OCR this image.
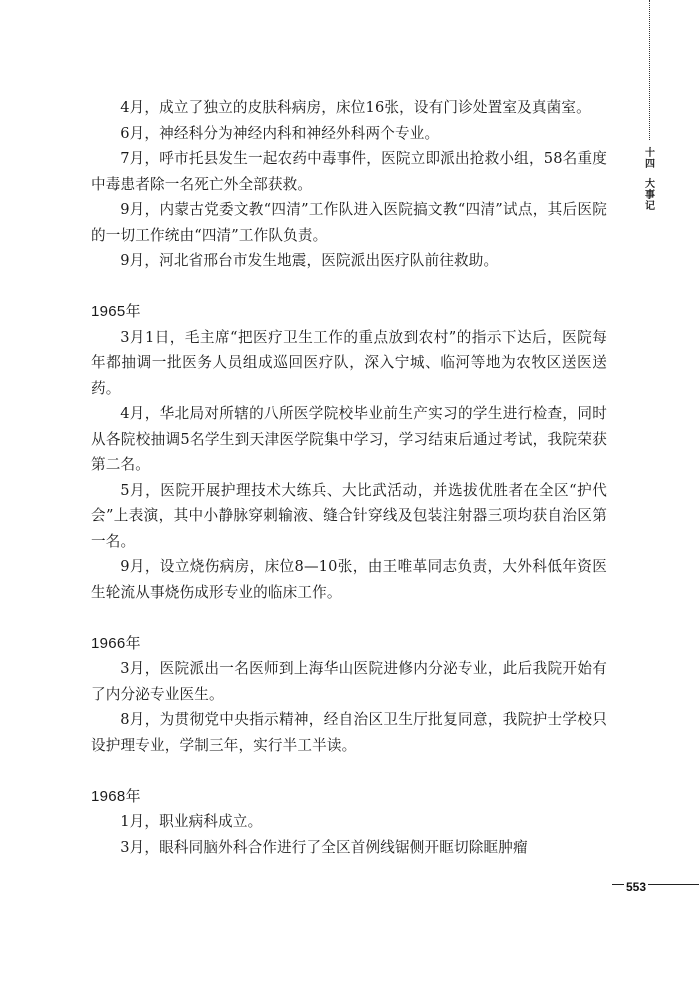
十四
大事记

4月，成立了独立的皮肤科病房，床位16张，设有门诊处置室及真菌室。

6月，神经科分为神经内科和神经外科两个专业。

7月，呼市托县发生一起农药中毒事件，医院立即派出抢救小组，58名重度中毒患者除一名死亡外全部获救。

9月，内蒙古党委文教“四清”工作队进入医院搞文教“四清”试点，其后医院的一切工作统由“四清”工作队负责。

9月，河北省邢台市发生地震，医院派出医疗队前往救助。

1965年

3月1日，毛主席“把医疗卫生工作的重点放到农村”的指示下达后，医院每年都抽调一批医务人员组成巡回医疗队，深入宁城、临河等地为农牧区送医送药。

4月，华北局对所辖的八所医学院校毕业前生产实习的学生进行检查，同时从各院校抽调5名学生到天津医学院集中学习，学习结束后通过考试，我院荣获第二名。

5月，医院开展护理技术大练兵、大比武活动，并选拔优胜者在全区“护代会”上表演，其中小静脉穿刺输液、缝合针穿线及包装注射器三项均获自治区第一名。

9月，设立烧伤病房，床位8—10张，由王唯革同志负责，大外科低年资医生轮流从事烧伤成形专业的临床工作。

1966年

3月，医院派出一名医师到上海华山医院进修内分泌专业，此后我院开始有了内分泌专业医生。

8月，为贯彻党中央指示精神，经自治区卫生厅批复同意，我院护士学校只设护理专业，学制三年，实行半工半读。

1968年

1月，职业病科成立。

3月，眼科同脑外科合作进行了全区首例线锯侧开眶切除眶肿瘤

553
